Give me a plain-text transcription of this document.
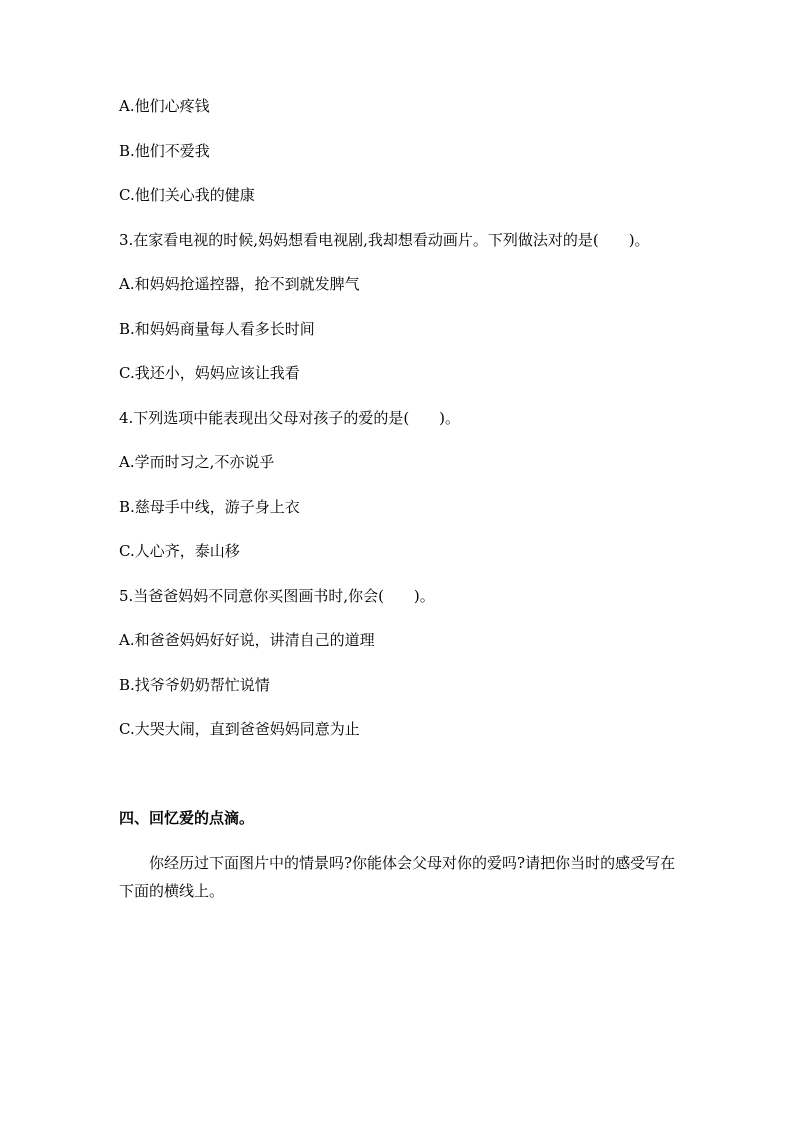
A.他们心疼钱
B.他们不爱我
C.他们关心我的健康
3.在家看电视的时候,妈妈想看电视剧,我却想看动画片。下列做法对的是(　　)。
A.和妈妈抢遥控器，抢不到就发脾气
B.和妈妈商量每人看多长时间
C.我还小，妈妈应该让我看
4.下列选项中能表现出父母对孩子的爱的是(　　)。
A.学而时习之,不亦说乎
B.慈母手中线，游子身上衣
C.人心齐，泰山移
5.当爸爸妈妈不同意你买图画书时,你会(　　)。
A.和爸爸妈妈好好说，讲清自己的道理
B.找爷爷奶奶帮忙说情
C.大哭大闹，直到爸爸妈妈同意为止
四、回忆爱的点滴。
你经历过下面图片中的情景吗?你能体会父母对你的爱吗?请把你当时的感受写在下面的横线上。
